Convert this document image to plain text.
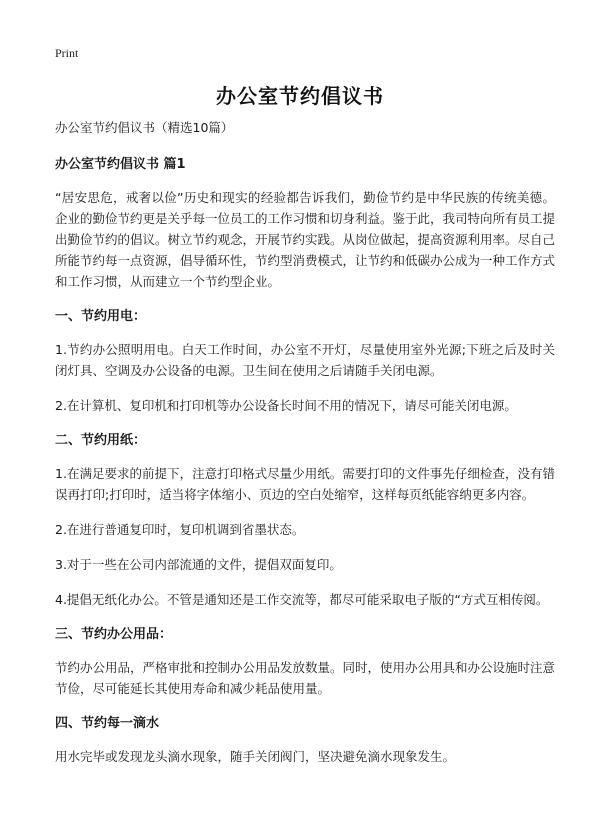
Print
办公室节约倡议书

办公室节约倡议书（精选10篇）

办公室节约倡议书 篇1

“居安思危，戒奢以俭”历史和现实的经验都告诉我们，勤俭节约是中华民族的传统美德。企业的勤俭节约更是关乎每一位员工的工作习惯和切身利益。鉴于此，我司特向所有员工提出勤俭节约的倡议。树立节约观念，开展节约实践。从岗位做起，提高资源利用率。尽自己所能节约每一点资源，倡导循环性，节约型消费模式，让节约和低碳办公成为一种工作方式和工作习惯，从而建立一个节约型企业。

一、节约用电：

1.节约办公照明用电。白天工作时间，办公室不开灯，尽量使用室外光源;下班之后及时关闭灯具、空调及办公设备的电源。卫生间在使用之后请随手关闭电源。

2.在计算机、复印机和打印机等办公设备长时间不用的情况下，请尽可能关闭电源。

二、节约用纸：

1.在满足要求的前提下，注意打印格式尽量少用纸。需要打印的文件事先仔细检查，没有错误再打印;打印时，适当将字体缩小、页边的空白处缩窄，这样每页纸能容纳更多内容。

2.在进行普通复印时，复印机调到省墨状态。

3.对于一些在公司内部流通的文件，提倡双面复印。

4.提倡无纸化办公。不管是通知还是工作交流等，都尽可能采取电子版的“方式互相传阅。

三、节约办公用品：

节约办公用品，严格审批和控制办公用品发放数量。同时，使用办公用具和办公设施时注意节俭，尽可能延长其使用寿命和减少耗品使用量。

四、节约每一滴水

用水完毕或发现龙头滴水现象，随手关闭阀门，坚决避免滴水现象发生。
